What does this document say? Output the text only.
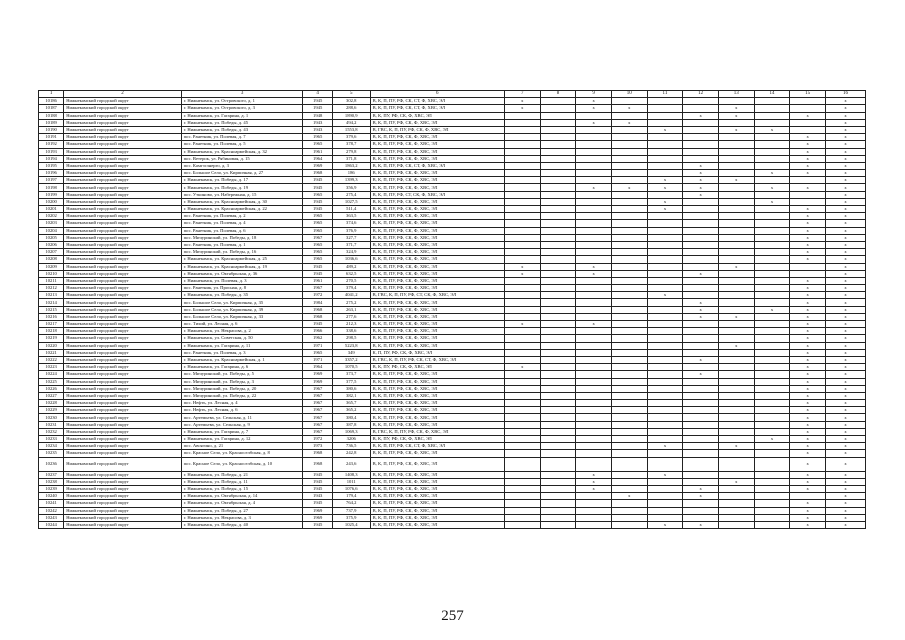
1	2	3	4	5	6	7	8	9	10	11	12	13	14	15	16
10186	Нижнекамский городской округ	г. Нижнекамск, ул. Островского, д. 1	1945	302,8	В, К, П, ПУ, РФ, СК, СТ, Ф, ХВС, ЭЛ	x		x							x
10187	Нижнекамский городской округ	г. Нижнекамск, ул. Островского, д. 3	1945	288,6	В, К, П, ПУ, РФ, СК, СТ, Ф, ХВС, ЭЛ	x		x	x			x			x
10188	Нижнекамский городской округ	г. Нижнекамск, ул. Гагарина, д. 1	1948	1890,9	В, К, ПУ, РФ, СК, Ф, ХВС, ЭЛ						x	x		x	x
10189	Нижнекамский городской округ	г. Нижнекамск, ул. Победы, д. 45	1943	494,2	В, К, П, ПУ, РФ, СК, Ф, ХВС, ЭЛ			x	x						x
10190	Нижнекамский городской округ	г. Нижнекамск, ул. Победы, д. 43	1943	1553,8	В, ГВС, К, П, ПУ, РФ, СК, Ф, ХВС, ЭЛ					x		x	x		x
10191	Нижнекамский городской округ	пос. Ранетник, ул. Полевая, д. 7	1965	379,6	В, К, П, ПУ, РФ, СК, Ф, ХВС, ЭЛ									x	x
10192	Нижнекамский городской округ	пос. Ранетник, ул. Полевая, д. 5	1965	378,7	В, К, П, ПУ, РФ, СК, Ф, ХВС, ЭЛ									x	x
10193	Нижнекамский городской округ	г. Нижнекамск, ул. Красноармейская, д. 32	1961	279,8	В, К, П, ПУ, РФ, СК, Ф, ХВС, ЭЛ									x	x
10194	Нижнекамский городской округ	пос. Ветерок, ул. Рябиновая, д. 15	1964	371,8	В, К, П, ПУ, РФ, СК, Ф, ХВС, ЭЛ									x	x
10195	Нижнекамский городской округ	пос. Камгэсэнерго, д. 3	1969	1863,2	В, К, П, ПУ, РФ, СК, СТ, Ф, ХВС, ЭЛ						x			x	x
10196	Нижнекамский городской округ	пос. Большое Село, ул. Кирпичная, д. 27	1968	186	В, К, П, ПУ, РФ, СК, Ф, ХВС, ЭЛ						x		x	x	x
10197	Нижнекамский городской округ	г. Нижнекамск, ул. Победы, д. 17	1945	1399,3	В, К, П, ПУ, РФ, СК, Ф, ХВС, ЭЛ					x	x	x			x
10198	Нижнекамский городской округ	г. Нижнекамск, ул. Победы, д. 19	1945	356,9	В, К, П, ПУ, РФ, СК, Ф, ХВС, ЭЛ			x	x	x	x		x	x	x
10199	Нижнекамский городской округ	пос. Уткиново, ул. Набережная, д. 15	1965	275,4	В, К, П, ПУ, РФ, СТ, СК, Ф, ХВС, ЭЛ						x				x
10200	Нижнекамский городской округ	г. Нижнекамск, ул. Красноармейская, д. 30	1945	1027,5	В, К, П, ПУ, РФ, СК, Ф, ХВС, ЭЛ					x			x		x
10201	Нижнекамский городской округ	г. Нижнекамск, ул. Красноармейская, д. 22	1945	511,4	В, К, П, ПУ, РФ, СК, Ф, ХВС, ЭЛ					x				x	x
10202	Нижнекамский городской округ	пос. Ранетник, ул. Полевая, д. 2	1965	363,5	В, К, П, ПУ, РФ, СК, Ф, ХВС, ЭЛ									x	x
10203	Нижнекамский городской округ	пос. Ранетник, ул. Полевая, д. 4	1965	374,6	В, К, П, ПУ, РФ, СК, Ф, ХВС, ЭЛ									x	x
10204	Нижнекамский городской округ	пос. Ранетник, ул. Полевая, д. 6	1965	376,9	В, К, П, ПУ, РФ, СК, Ф, ХВС, ЭЛ									x	x
10205	Нижнекамский городской округ	пос. Мичуринский, ул. Победы, д. 18	1967	327,7	В, К, П, ПУ, РФ, СК, Ф, ХВС, ЭЛ									x	x
10206	Нижнекамский городской округ	пос. Ранетник, ул. Полевая, д. 1	1965	371,7	В, К, П, ПУ, РФ, СК, Ф, ХВС, ЭЛ									x	x
10207	Нижнекамский городской округ	пос. Мичуринский, ул. Победы, д. 16	1965	324,9	В, К, П, ПУ, РФ, СК, Ф, ХВС, ЭЛ									x	x
10208	Нижнекамский городской округ	г. Нижнекамск, ул. Красноармейская, д. 25	1965	1036,6	В, К, П, ПУ, РФ, СК, Ф, ХВС, ЭЛ									x	x
10209	Нижнекамский городской округ	г. Нижнекамск, ул. Красноармейская, д. 19	1945	489,2	В, К, П, ПУ, РФ, СК, Ф, ХВС, ЭЛ	x		x				x			x
10210	Нижнекамский городской округ	г. Нижнекамск, ул. Октябрьская, д. 36	1945	632,5	В, К, П, ПУ, РФ, СК, Ф, ХВС, ЭЛ	x		x			x				x
10211	Нижнекамский городской округ	г. Нижнекамск, ул. Полевая, д. 3	1961	270,5	В, К, П, ПУ, РФ, СК, Ф, ХВС, ЭЛ									x	x
10212	Нижнекамский городской округ	пос. Ранетник, ул. Просная, д. 8	1967	379,4	В, К, П, ПУ, РФ, СК, Ф, ХВС, ЭЛ									x	x
10213	Нижнекамский городской округ	г. Нижнекамск, ул. Победы, д. 35	1972	4041,2	В, ГВС, К, П, ПУ, РФ, СТ, СК, Ф, ХВС, ЭЛ					x				x	x
10214	Нижнекамский городской округ	пос. Большое Село, ул. Кирпичная, д. 35	1984	275,2	В, К, П, ПУ, РФ, СК, Ф, ХВС, ЭЛ						x			x	x
10215	Нижнекамский городской округ	пос. Большое Село, ул. Кирпичная, д. 39	1968	263,1	В, К, П, ПУ, РФ, СК, Ф, ХВС, ЭЛ						x		x	x	x
10216	Нижнекамский городской округ	пос. Большое Село, ул. Кирпичная, д. 33	1968	277,6	В, К, П, ПУ, РФ, СК, Ф, ХВС, ЭЛ						x	x		x	x
10217	Нижнекамский городской округ	пос. Тихий, ул. Лесная, д. 6	1945	212,3	В, К, П, ПУ, РФ, СК, Ф, ХВС, ЭЛ	x		x						x	x
10218	Нижнекамский городской округ	г. Нижнекамск, ул. Некрасова, д. 2	1966	338,6	В, К, П, ПУ, РФ, СК, Ф, ХВС, ЭЛ									x	x
10219	Нижнекамский городской округ	г. Нижнекамск, ул. Советская, д. 50	1962	298,5	В, К, П, ПУ, РФ, СК, Ф, ХВС, ЭЛ									x	x
10220	Нижнекамский городской округ	г. Нижнекамск, ул. Гагарина, д. 11	1971	5223,8	В, К, П, ПУ, РФ, СК, Ф, ХВС, ЭЛ							x		x	x
10221	Нижнекамский городской округ	пос. Ранетник, ул. Полевая, д. 3	1965	349	К, П, ПУ, РФ, СК, Ф, ХВС, ЭЛ									x	x
10222	Нижнекамский городской округ	г. Нижнекамск, ул. Красноармейская, д. 1	1971	3357,2	В, ГВС, К, П, ПУ, РФ, СК, СТ, Ф, ХВС, ЭЛ						x			x	x
10223	Нижнекамский городской округ	г. Нижнекамск, ул. Гагарина, д. 6	1964	1070,5	В, К, ПУ, РФ, СК, Ф, ХВС, ЭЛ	x								x	x
10224	Нижнекамский городской округ	пос. Мичуринский, ул. Победы, д. 5	1969	373,7	В, К, П, ПУ, РФ, СК, Ф, ХВС, ЭЛ						x			x	x
10225	Нижнекамский городской округ	пос. Мичуринский, ул. Победы, д. 3	1969	377,5	В, К, П, ПУ, РФ, СК, Ф, ХВС, ЭЛ									x	x
10226	Нижнекамский городской округ	пос. Мичуринский, ул. Победы, д. 20	1967	380,6	В, К, П, ПУ, РФ, СК, Ф, ХВС, ЭЛ									x	x
10227	Нижнекамский городской округ	пос. Мичуринский, ул. Победы, д. 22	1967	382,1	В, К, П, ПУ, РФ, СК, Ф, ХВС, ЭЛ									x	x
10228	Нижнекамский городской округ	пос. Нефть, ул. Лесная, д. 4	1967	365,7	В, К, П, ПУ, РФ, СК, Ф, ХВС, ЭЛ									x	x
10229	Нижнекамский городской округ	пос. Нефть, ул. Лесная, д. 6	1967	365,2	В, К, П, ПУ, РФ, СК, Ф, ХВС, ЭЛ									x	x
10230	Нижнекамский городской округ	пос. Артемьева, ул. Сельская, д. 11	1967	380,4	В, К, П, ПУ, РФ, СК, Ф, ХВС, ЭЛ									x	x
10231	Нижнекамский городской округ	пос. Артемьева, ул. Сельская, д. 9	1967	387,8	В, К, П, ПУ, РФ, СК, Ф, ХВС, ЭЛ									x	x
10232	Нижнекамский городской округ	г. Нижнекамск, ул. Гагарина, д. 7	1967	1069,3	В, ГВС, К, П, ПУ, РФ, СК, Ф, ХВС, ЭЛ									x	x
10233	Нижнекамский городской округ	г. Нижнекамск, ул. Гагарина, д. 12	1972	3206	В, К, ПУ, РФ, СК, Ф, ХВС, ЭЛ								x	x	x
10234	Нижнекамский городской округ	пос. Авсягино, д. 21	1973	736,5	В, К, П, ПУ, РФ, СК, СТ, Ф, ХВС, ЭЛ					x		x		x	x
10235	Нижнекамский городской округ	пос. Красное Село, ул. Красноселбская, д. 8	1968	242,8	В, К, П, ПУ, РФ, СК, Ф, ХВС, ЭЛ									x	x
10236	Нижнекамский городской округ	пос. Красное Село, ул. Красноселбская, д. 10	1968	243,6	В, К, П, ПУ, РФ, СК, Ф, ХВС, ЭЛ									x	x
10237	Нижнекамский городской округ	г. Нижнекамск, ул. Победы, д. 21	1945	1408,3	В, К, П, ПУ, РФ, СК, Ф, ХВС, ЭЛ			x		x				x	x
10238	Нижнекамский городской округ	г. Нижнекамск, ул. Победы, д. 11	1945	1011	В, К, П, ПУ, РФ, СК, Ф, ХВС, ЭЛ			x				x		x	x
10239	Нижнекамский городской округ	г. Нижнекамск, ул. Победы, д. 15	1945	1076,6	В, К, П, ПУ, РФ, СК, Ф, ХВС, ЭЛ			x			x			x	x
10240	Нижнекамский городской округ	г. Нижнекамск, ул. Октябрьская, д. 14	1943	179,4	В, К, П, ПУ, РФ, СК, Ф, ХВС, ЭЛ				x		x				x
10241	Нижнекамский городской округ	г. Нижнекамск, ул. Октябрьская, д. 4	1945	764,2	В, К, П, ПУ, РФ, СК, Ф, ХВС, ЭЛ									x	x
10242	Нижнекамский городской округ	г. Нижнекамск, ул. Победы, д. 27	1969	737,9	В, К, П, ПУ, РФ, СК, Ф, ХВС, ЭЛ									x	x
10243	Нижнекамский городской округ	г. Нижнекамск, ул. Некрасова, д. 3	1969	375,9	В, К, П, ПУ, РФ, СК, Ф, ХВС, ЭЛ									x	x
10244	Нижнекамский городской округ	г. Нижнекамск, ул. Победы, д. 40	1945	1025,4	В, К, П, ПУ, РФ, СК, Ф, ХВС, ЭЛ					x	x			x	x
257
